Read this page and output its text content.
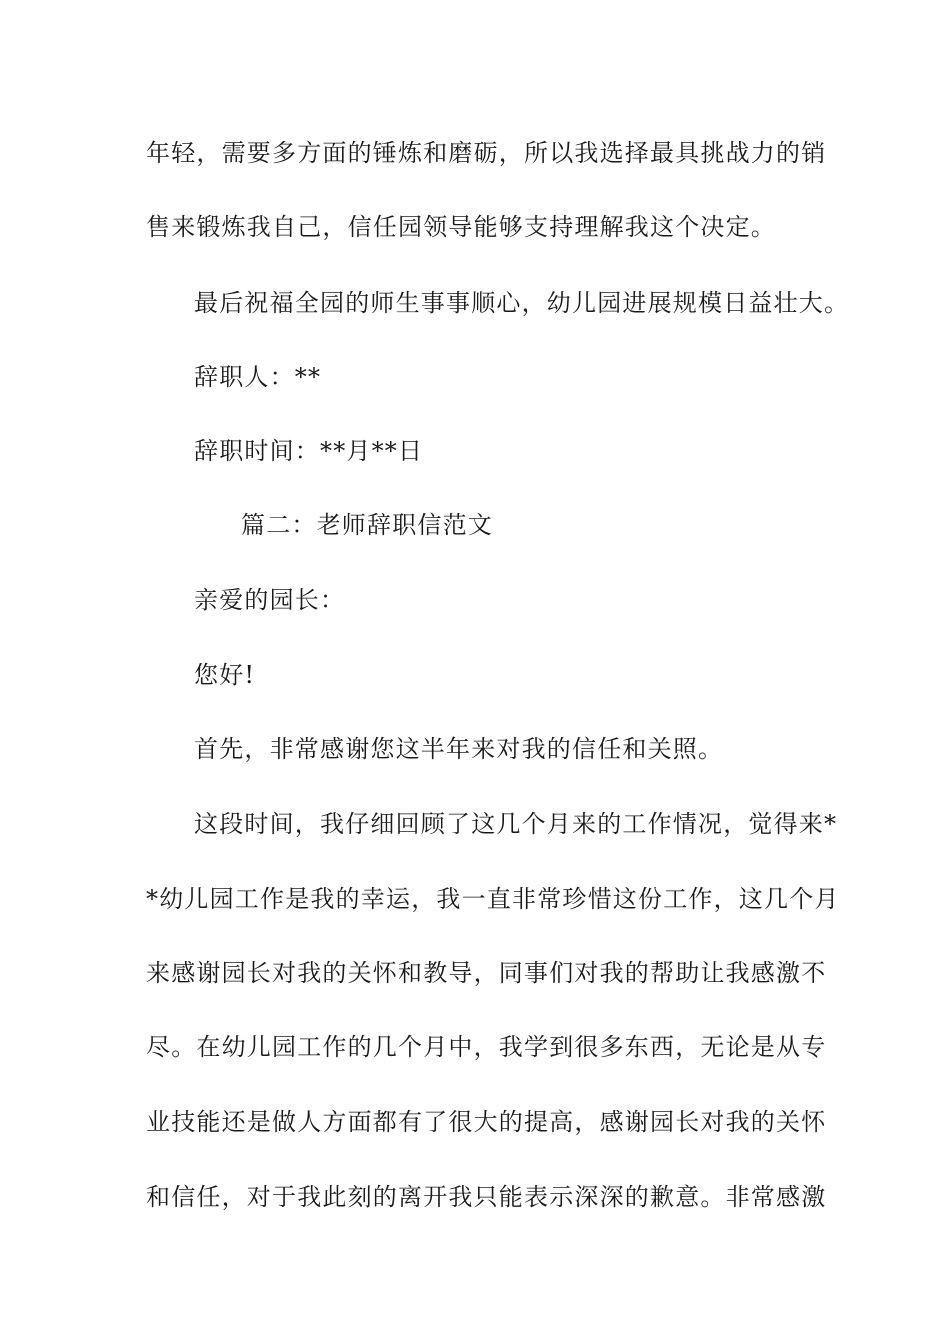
年轻，需要多方面的锤炼和磨砺，所以我选择最具挑战力的销
售来锻炼我自己，信任园领导能够支持理解我这个决定。
最后祝福全园的师生事事顺心，幼儿园进展规模日益壮大。
辞职人：**
辞职时间：**月**日
篇二：老师辞职信范文
亲爱的园长：
您好!
首先，非常感谢您这半年来对我的信任和关照。
这段时间，我仔细回顾了这几个月来的工作情况，觉得来*
*幼儿园工作是我的幸运，我一直非常珍惜这份工作，这几个月
来感谢园长对我的关怀和教导，同事们对我的帮助让我感激不
尽。在幼儿园工作的几个月中，我学到很多东西，无论是从专
业技能还是做人方面都有了很大的提高，感谢园长对我的关怀
和信任，对于我此刻的离开我只能表示深深的歉意。非常感激
